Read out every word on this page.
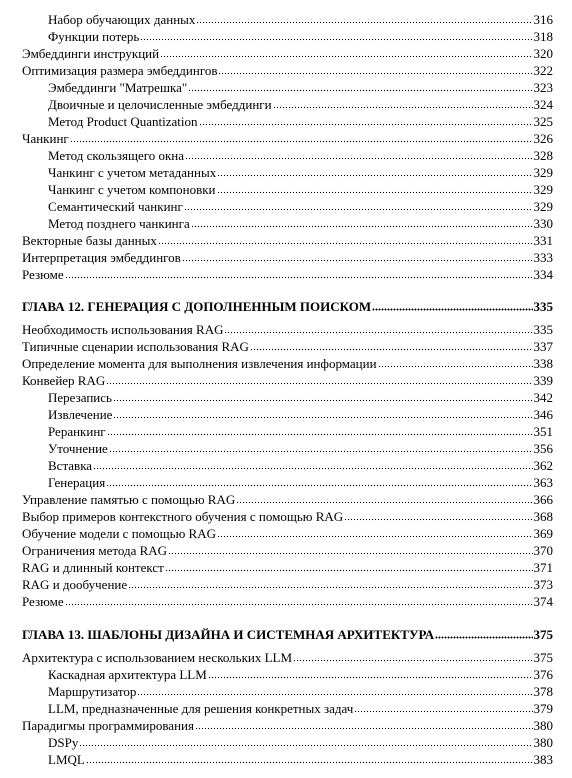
Набор обучающих данных	316
Функции потерь	318
Эмбеддинги инструкций	320
Оптимизация размера эмбеддингов	322
Эмбеддинги "Матрешка"	323
Двоичные и целочисленные эмбеддинги	324
Метод Product Quantization	325
Чанкинг	326
Метод скользящего окна	328
Чанкинг с учетом метаданных	329
Чанкинг с учетом компоновки	329
Семантический чанкинг	329
Метод позднего чанкинга	330
Векторные базы данных	331
Интерпретация эмбеддингов	333
Резюме	334
ГЛАВА 12. ГЕНЕРАЦИЯ С ДОПОЛНЕННЫМ ПОИСКОМ	335
Необходимость использования RAG	335
Типичные сценарии использования RAG	337
Определение момента для выполнения извлечения информации	338
Конвейер RAG	339
Перезапись	342
Извлечение	346
Реранкинг	351
Уточнение	356
Вставка	362
Генерация	363
Управление памятью с помощью RAG	366
Выбор примеров контекстного обучения с помощью RAG	368
Обучение модели с помощью RAG	369
Ограничения метода RAG	370
RAG и длинный контекст	371
RAG и дообучение	373
Резюме	374
ГЛАВА 13. ШАБЛОНЫ ДИЗАЙНА И СИСТЕМНАЯ АРХИТЕКТУРА	375
Архитектура с использованием нескольких LLM	375
Каскадная архитектура LLM	376
Маршрутизатор	378
LLM, предназначенные для решения конкретных задач	379
Парадигмы программирования	380
DSPy	380
LMQL	383
